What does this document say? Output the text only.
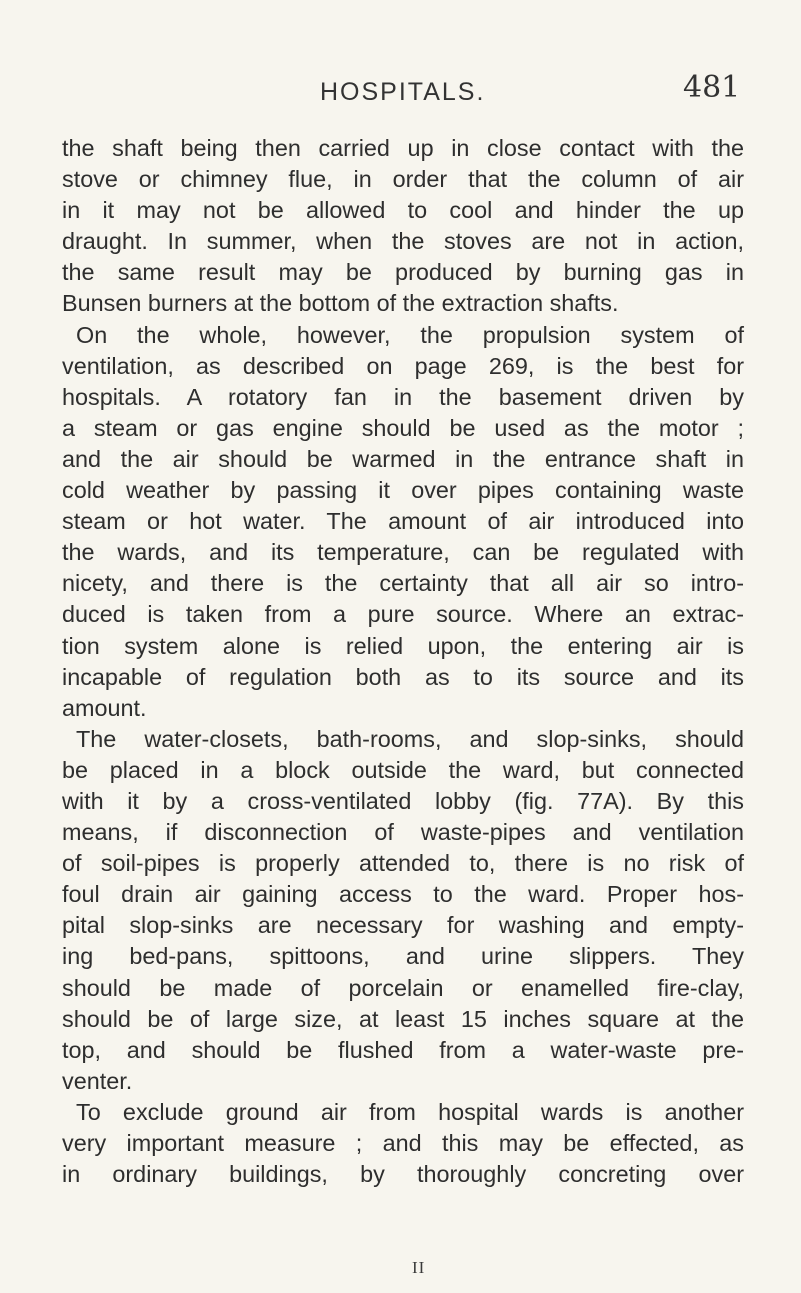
HOSPITALS.	481
the shaft being then carried up in close contact with the
stove or chimney flue, in order that the column of air
in it may not be allowed to cool and hinder the up
draught. In summer, when the stoves are not in action,
the same result may be produced by burning gas in
Bunsen burners at the bottom of the extraction shafts.
On the whole, however, the propulsion system of
ventilation, as described on page 269, is the best for
hospitals. A rotatory fan in the basement driven by
a steam or gas engine should be used as the motor ;
and the air should be warmed in the entrance shaft in
cold weather by passing it over pipes containing waste
steam or hot water. The amount of air introduced into
the wards, and its temperature, can be regulated with
nicety, and there is the certainty that all air so intro-
duced is taken from a pure source. Where an extrac-
tion system alone is relied upon, the entering air is
incapable of regulation both as to its source and its
amount.
The water-closets, bath-rooms, and slop-sinks, should
be placed in a block outside the ward, but connected
with it by a cross-ventilated lobby (fig. 77A). By this
means, if disconnection of waste-pipes and ventilation
of soil-pipes is properly attended to, there is no risk of
foul drain air gaining access to the ward. Proper hos-
pital slop-sinks are necessary for washing and empty-
ing bed-pans, spittoons, and urine slippers. They
should be made of porcelain or enamelled fire-clay,
should be of large size, at least 15 inches square at the
top, and should be flushed from a water-waste pre-
venter.
To exclude ground air from hospital wards is another
very important measure ; and this may be effected, as
in ordinary buildings, by thoroughly concreting over
II
